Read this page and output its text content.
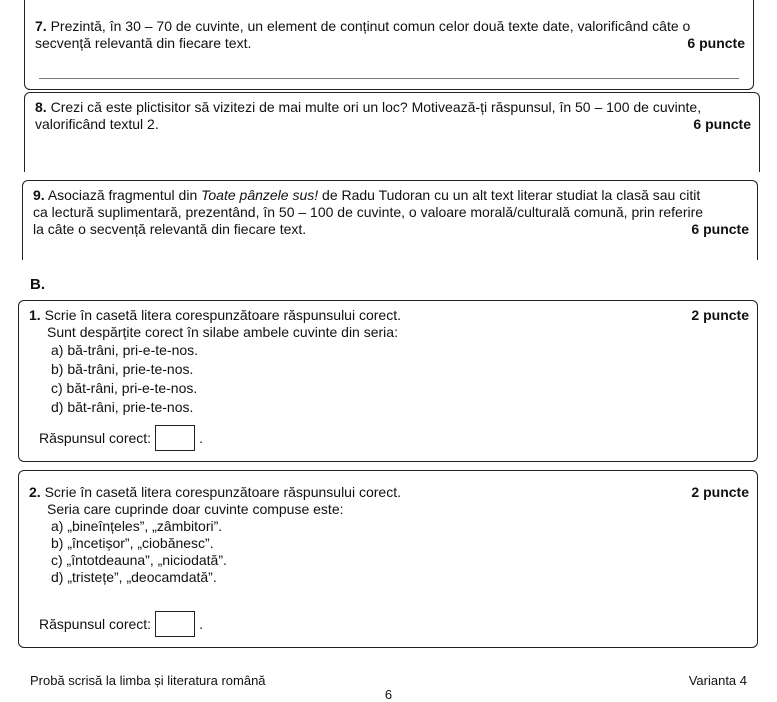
7. Prezintă, în 30 – 70 de cuvinte, un element de conținut comun celor două texte date, valorificând câte o
secvență relevantă din fiecare text.	6 puncte
8. Crezi că este plictisitor să vizitezi de mai multe ori un loc? Motivează-ți răspunsul, în 50 – 100 de cuvinte,
valorificând textul 2.	6 puncte
9. Asociază fragmentul din Toate pânzele sus! de Radu Tudoran cu un alt text literar studiat la clasă sau citit
ca lectură suplimentară, prezentând, în 50 – 100 de cuvinte, o valoare morală/culturală comună, prin referire
la câte o secvență relevantă din fiecare text.	6 puncte
B.
1. Scrie în casetă litera corespunzătoare răspunsului corect.	2 puncte
Sunt despărțite corect în silabe ambele cuvinte din seria:
a) bă-trâni, pri-e-te-nos.
b) bă-trâni, prie-te-nos.
c) băt-râni, pri-e-te-nos.
d) băt-râni, prie-te-nos.
Răspunsul corect:	.
2. Scrie în casetă litera corespunzătoare răspunsului corect.	2 puncte
Seria care cuprinde doar cuvinte compuse este:
a) „bineînțeles”, „zâmbitori”.
b) „încetișor”, „ciobănesc”.
c) „întotdeauna”, „niciodată”.
d) „tristețe”, „deocamdată”.
Răspunsul corect:	.
Probă scrisă la limba și literatura română	Varianta 4
6
